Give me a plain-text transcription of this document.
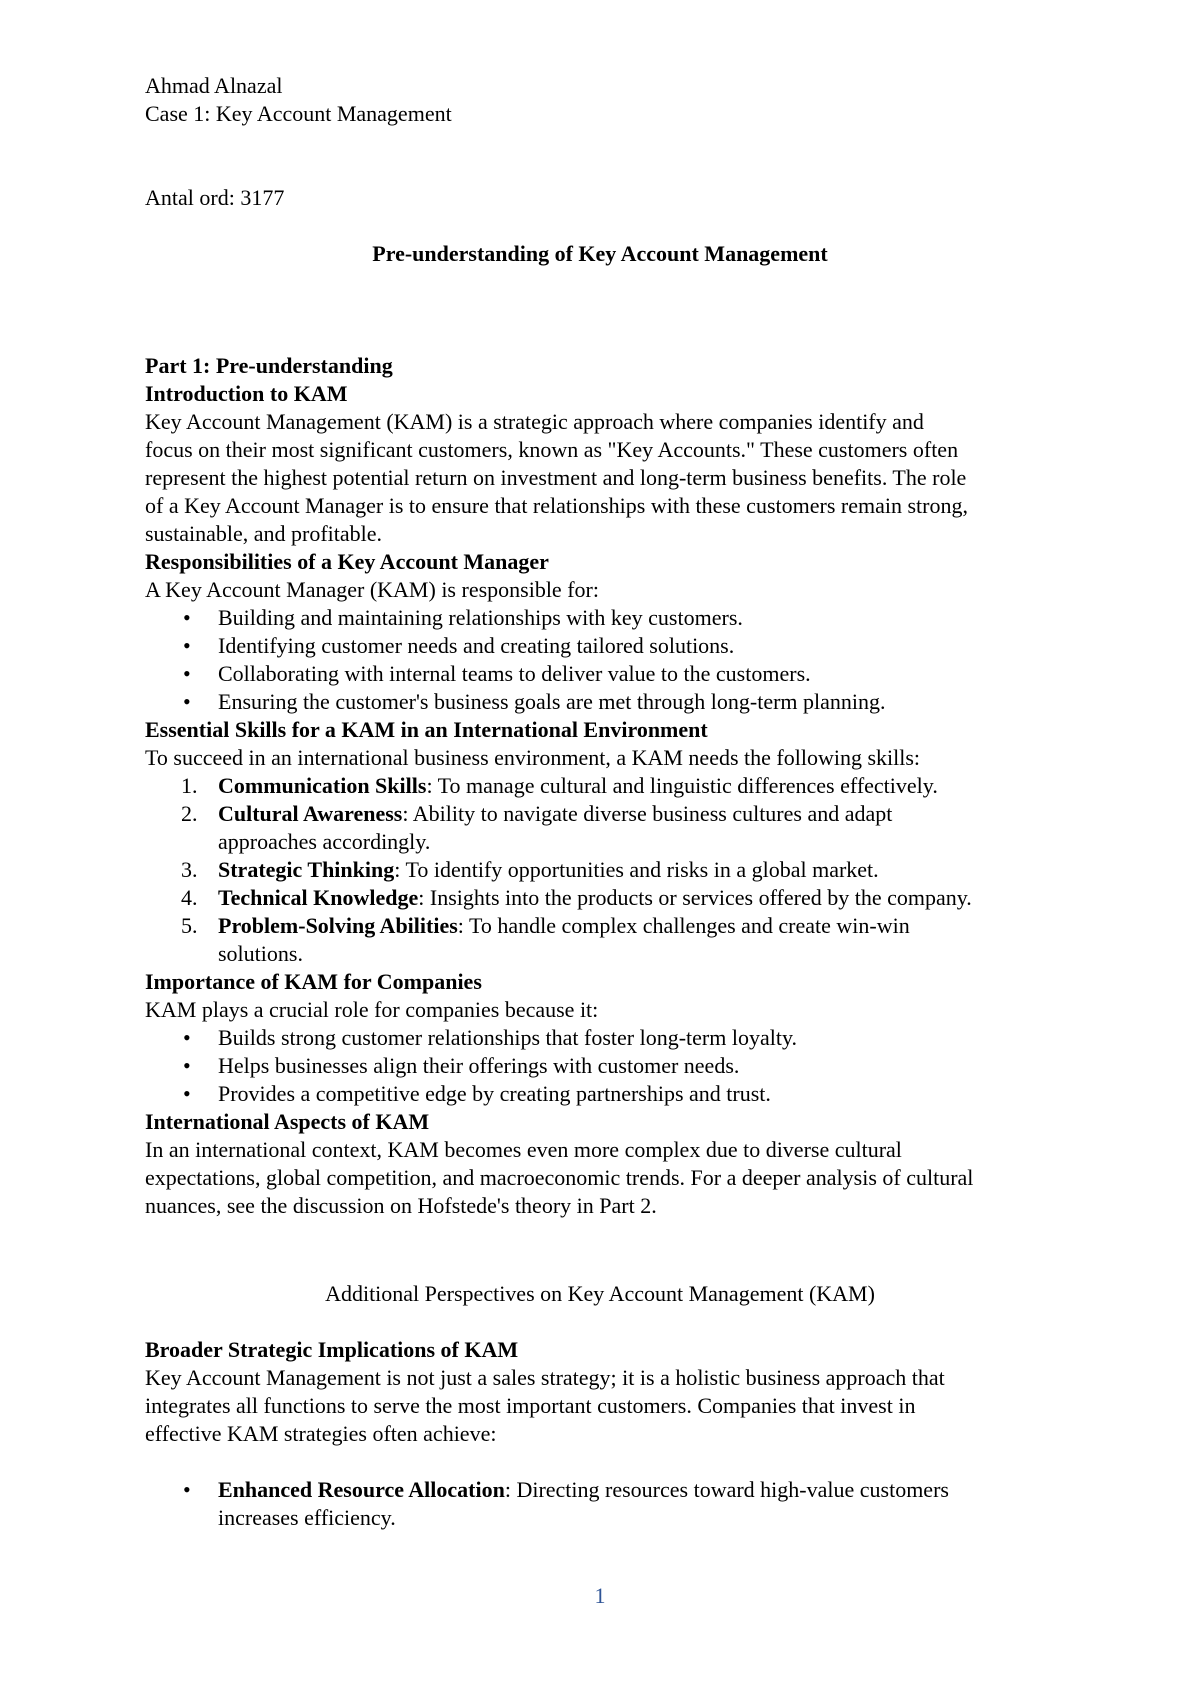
Ahmad Alnazal

Case 1: Key Account Management

Antal ord: 3177

Pre-understanding of Key Account Management

Part 1: Pre-understanding

Introduction to KAM

Key Account Management (KAM) is a strategic approach where companies identify and

focus on their most significant customers, known as "Key Accounts." These customers often

represent the highest potential return on investment and long-term business benefits. The role

of a Key Account Manager is to ensure that relationships with these customers remain strong,

sustainable, and profitable.

Responsibilities of a Key Account Manager

A Key Account Manager (KAM) is responsible for:

• Building and maintaining relationships with key customers.
• Identifying customer needs and creating tailored solutions.
• Collaborating with internal teams to deliver value to the customers.
• Ensuring the customer's business goals are met through long-term planning.

Essential Skills for a KAM in an International Environment

To succeed in an international business environment, a KAM needs the following skills:

1. Communication Skills: To manage cultural and linguistic differences effectively.
2. Cultural Awareness: Ability to navigate diverse business cultures and adapt
approaches accordingly.
3. Strategic Thinking: To identify opportunities and risks in a global market.
4. Technical Knowledge: Insights into the products or services offered by the company.
5. Problem-Solving Abilities: To handle complex challenges and create win-win
solutions.

Importance of KAM for Companies

KAM plays a crucial role for companies because it:

• Builds strong customer relationships that foster long-term loyalty.
• Helps businesses align their offerings with customer needs.
• Provides a competitive edge by creating partnerships and trust.

International Aspects of KAM

In an international context, KAM becomes even more complex due to diverse cultural

expectations, global competition, and macroeconomic trends. For a deeper analysis of cultural

nuances, see the discussion on Hofstede's theory in Part 2.

Additional Perspectives on Key Account Management (KAM)

Broader Strategic Implications of KAM

Key Account Management is not just a sales strategy; it is a holistic business approach that

integrates all functions to serve the most important customers. Companies that invest in

effective KAM strategies often achieve:

• Enhanced Resource Allocation: Directing resources toward high-value customers
increases efficiency.
1
